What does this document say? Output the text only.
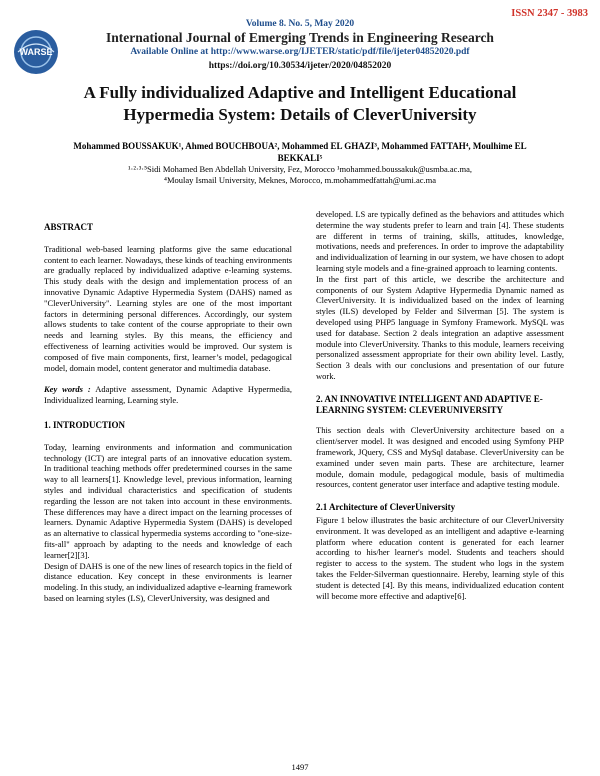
ISSN 2347 - 3983
WARSE
Volume 8. No. 5, May 2020
International Journal of Emerging Trends in Engineering Research
Available Online at http://www.warse.org/IJETER/static/pdf/file/ijeter04852020.pdf
https://doi.org/10.30534/ijeter/2020/04852020
A Fully individualized Adaptive and Intelligent Educational Hypermedia System: Details of CleverUniversity
Mohammed BOUSSAKUK¹, Ahmed BOUCHBOUA², Mohammed EL GHAZI³, Mohammed FATTAH⁴, Moulhime EL BEKKALI⁵
¹·²·³·⁵Sidi Mohamed Ben Abdellah University, Fez, Morocco ¹mohammed.boussakuk@usmba.ac.ma,
⁴Moulay Ismail University, Meknes, Morocco, m.mohammedfattah@umi.ac.ma
ABSTRACT

Traditional web-based learning platforms give the same educational content to each learner. Nowadays, these kinds of teaching environments are gradually replaced by individualized adaptive e-learning systems. This study deals with the design and implementation process of an innovative Dynamic Adaptive Hypermedia System (DAHS) named as "CleverUniversity". Learning styles are one of the most important factors in determining personal differences. Accordingly, our system allows students to take content of the course appropriate to their own needs and learning styles. By this means, the efficiency and effectiveness of learning activities would be improved. Our system is composed of five main components, first, learner’s model, pedagogical model, domain model, content generator and multimedia database.

Key words : Adaptive assessment, Dynamic Adaptive Hypermedia, Individualized learning, Learning style.

1. INTRODUCTION

Today, learning environments and information and communication technology (ICT) are integral parts of an innovative education system. In traditional teaching methods offer predetermined courses in the same way to all learners[1]. Knowledge level, previous information, learning styles and individual characteristics and specification of students regarding the lesson are not taken into account in these environments. These differences may have a direct impact on the learning processes of learners. Dynamic Adaptive Hypermedia System (DAHS) is developed as an alternative to classical hypermedia systems according to "one-size-fits-all" approach by adapting to the needs and knowledge of each learner[2][3].

Design of DAHS is one of the new lines of research topics in the field of distance education. Key concept in these environments is learner modeling. In this study, an individualized adaptive e-learning framework based on learning styles (LS), CleverUniversity, was designed and

developed. LS are typically defined as the behaviors and attitudes which determine the way students prefer to learn and train [4]. These students are different in terms of training, skills, attitudes, knowledge, motivations, needs and preferences. In order to improve the adaptability and individualization of learning in our system, we have chosen to adopt learning style models and a fine-grained approach to learning contents.

In the first part of this article, we describe the architecture and components of our System Adaptive Hypermedia Dynamic named as CleverUniversity. It is individualized based on the index of learning styles (ILS) developed by Felder and Silverman [5]. The system is developed using PHP5 language in Symfony Framework. MySQL was used for database. Section 2 deals integration an adaptive assessment module into CleverUniversity. Thanks to this module, learners receiving personalized assessment appropriate for their own ability level. Lastly, Section 3 deals with our conclusions and presentation of our future work.

2. AN INNOVATIVE INTELLIGENT AND ADAPTIVE E-LEARNING SYSTEM: CLEVERUNIVERSITY

This section deals with CleverUniversity architecture based on a client/server model. It was designed and encoded using Symfony PHP framework, JQuery, CSS and MySql database. CleverUniversity can be examined under seven main parts. These are architecture, learner module, domain module, pedagogical module, basis of multimedia resources, content generator user interface and adaptive testing module.

2.1 Architecture of CleverUniversity

Figure 1 below illustrates the basic architecture of our CleverUniversity environment. It was developed as an intelligent and adaptive e-learning platform where education content is generated for each learner according to his/her learner's model. Students and teachers should register to access to the system. The student who logs in the system takes the Felder-Silverman questionnaire. Hereby, learning style of this student is detected [4]. By this means, individualized education content will become more effective and adaptive[6].

1497
